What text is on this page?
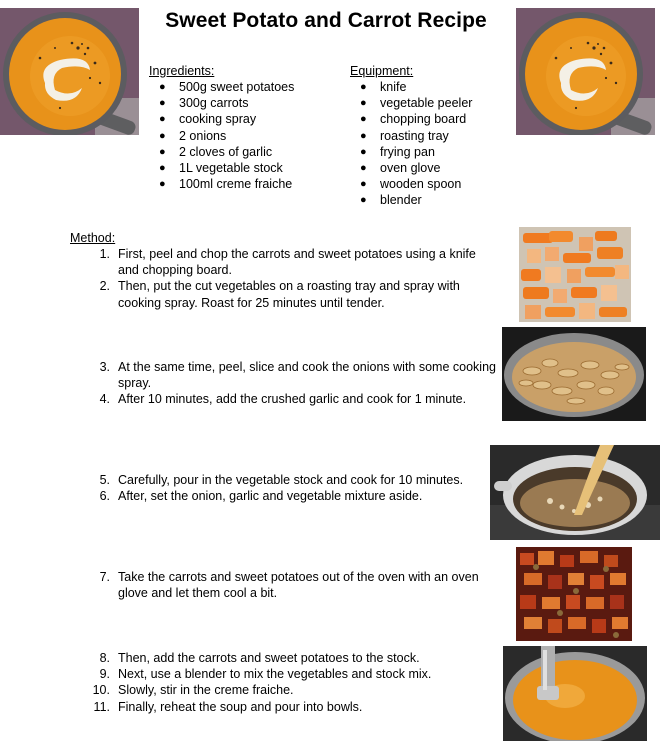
Sweet Potato and Carrot Recipe
Ingredients:
● 500g sweet potatoes
● 300g carrots
● cooking spray
● 2 onions
● 2 cloves of garlic
● 1L vegetable stock
● 100ml creme fraiche
Equipment:
● knife
● vegetable peeler
● chopping board
● roasting tray
● frying pan
● oven glove
● wooden spoon
● blender
Method:
1. First, peel and chop the carrots and sweet potatoes using a knife and chopping board.
2. Then, put the cut vegetables on a roasting tray and spray with cooking spray. Roast for 25 minutes until tender.
3. At the same time, peel, slice and cook the onions with some cooking spray.
4. After 10 minutes, add the crushed garlic and cook for 1 minute.
5. Carefully, pour in the vegetable stock and cook for 10 minutes.
6. After, set the onion, garlic and vegetable mixture aside.
7. Take the carrots and sweet potatoes out of the oven with an oven glove and let them cool a bit.
8. Then, add the carrots and sweet potatoes to the stock.
9. Next, use a blender to mix the vegetables and stock mix.
10. Slowly, stir in the creme fraiche.
11. Finally, reheat the soup and pour into bowls.
